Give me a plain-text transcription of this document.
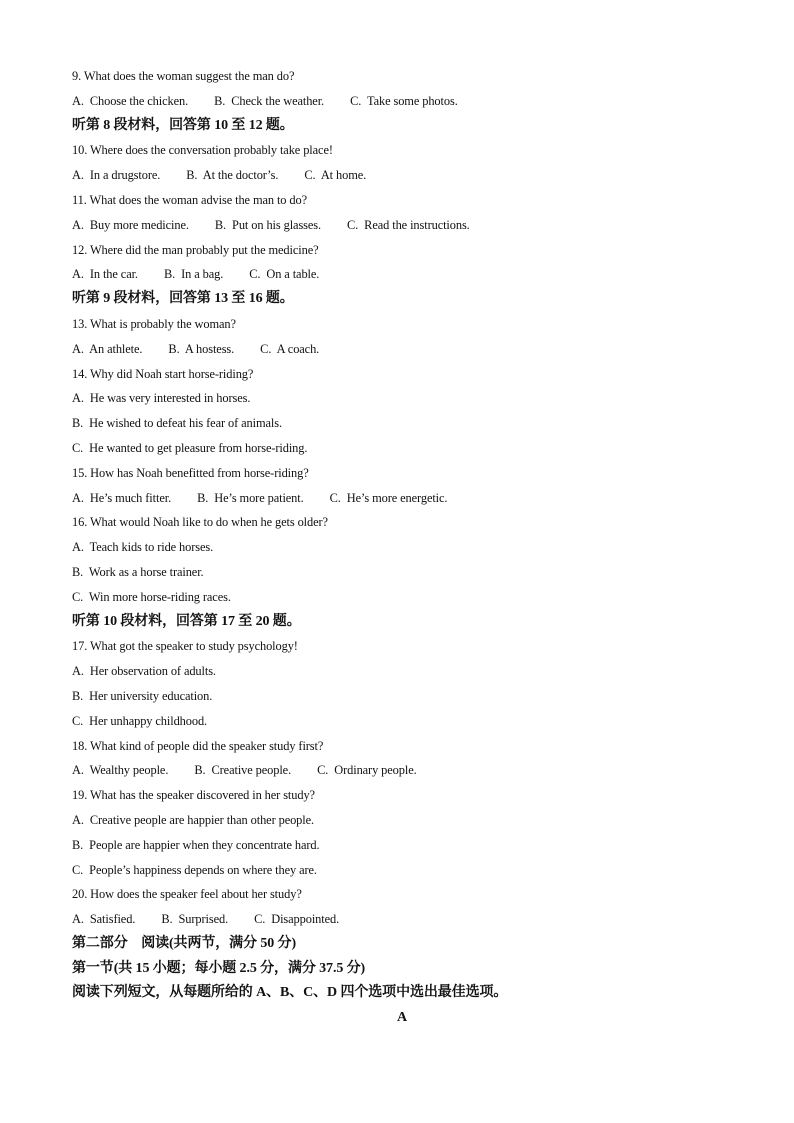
9. What does the woman suggest the man do?
A.  Choose the chicken. B.  Check the weather. C.  Take some photos.
听第 8 段材料，回答第 10 至 12 题。
10. Where does the conversation probably take place!
A.  In a drugstore. B.  At the doctor’s. C.  At home.
11. What does the woman advise the man to do?
A.  Buy more medicine. B.  Put on his glasses. C.  Read the instructions.
12. Where did the man probably put the medicine?
A.  In the car. B.  In a bag. C.  On a table.
听第 9 段材料，回答第 13 至 16 题。
13. What is probably the woman?
A.  An athlete. B.  A hostess. C.  A coach.
14. Why did Noah start horse-riding?
A.  He was very interested in horses.
B.  He wished to defeat his fear of animals.
C.  He wanted to get pleasure from horse-riding.
15. How has Noah benefitted from horse-riding?
A.  He’s much fitter. B.  He’s more patient. C.  He’s more energetic.
16. What would Noah like to do when he gets older?
A.  Teach kids to ride horses.
B.  Work as a horse trainer.
C.  Win more horse-riding races.
听第 10 段材料，回答第 17 至 20 题。
17. What got the speaker to study psychology!
A.  Her observation of adults.
B.  Her university education.
C.  Her unhappy childhood.
18. What kind of people did the speaker study first?
A.  Wealthy people. B.  Creative people. C.  Ordinary people.
19. What has the speaker discovered in her study?
A.  Creative people are happier than other people.
B.  People are happier when they concentrate hard.
C.  People’s happiness depends on where they are.
20. How does the speaker feel about her study?
A.  Satisfied. B.  Surprised. C.  Disappointed.
第二部分    阅读(共两节，满分 50 分)
第一节(共 15 小题；每小题 2.5 分，满分 37.5 分)
阅读下列短文，从每题所给的 A、B、C、D 四个选项中选出最佳选项。
A
